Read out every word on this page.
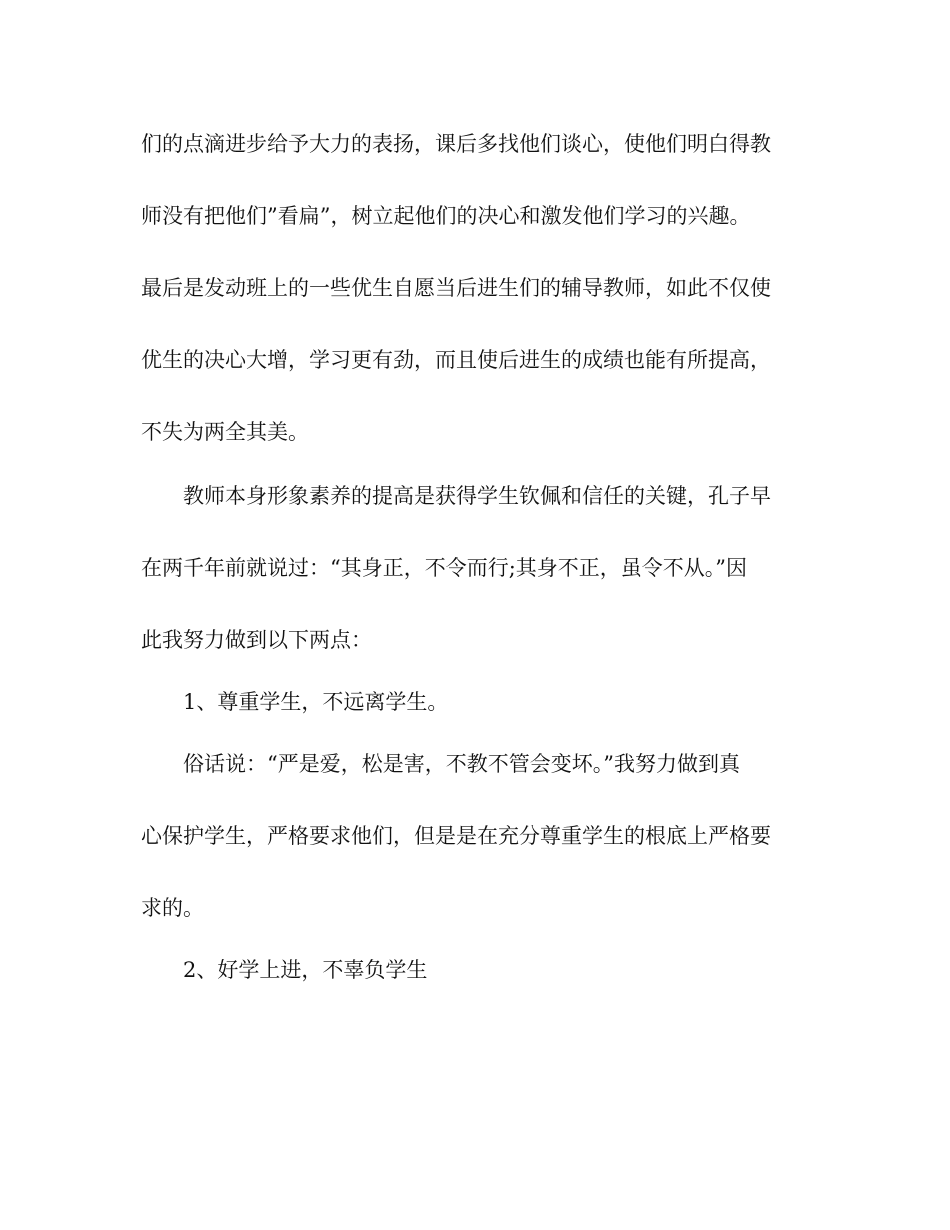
们的点滴进步给予大力的表扬，课后多找他们谈心，使他们明白得教
师没有把他们”看扁”，树立起他们的决心和激发他们学习的兴趣。
最后是发动班上的一些优生自愿当后进生们的辅导教师，如此不仅使
优生的决心大增，学习更有劲，而且使后进生的成绩也能有所提高，
不失为两全其美。
教师本身形象素养的提高是获得学生钦佩和信任的关键，孔子早
在两千年前就说过：“其身正，不令而行;其身不正，虽令不从。”因
此我努力做到以下两点：
1、尊重学生，不远离学生。
俗话说：“严是爱，松是害，不教不管会变坏。”我努力做到真
心保护学生，严格要求他们，但是是在充分尊重学生的根底上严格要
求的。
2、好学上进，不辜负学生
